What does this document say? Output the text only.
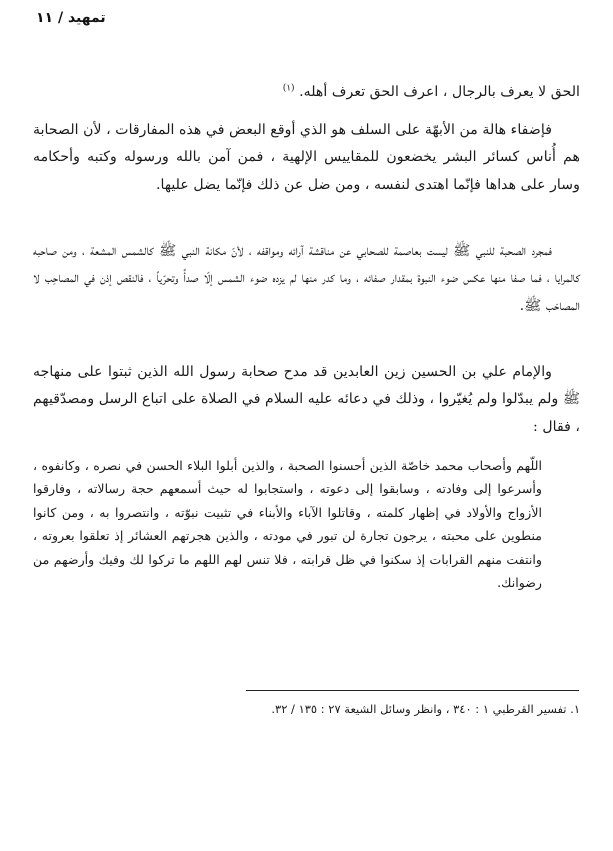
تمهيد / ١١

الحق لا يعرف بالرجال ، اعرف الحق تعرف أهله. $^{(١)}$

فإضفاء هالة من الأبهّة على السلف هو الذي أوقع البعض في هذه المفارقات ، لأن الصحابة هم أُناس كسائر البشر يخضعون للمقاييس الإلهية ، فمن آمن بالله ورسوله وكتبه وأحكامه وسار على هداها فإنّما اهتدى لنفسه ، ومن ضل عن ذلك فإنّما يضل عليها.

فمجرد الصحبة للنبي ﷺ ليست بعاصمة للصحابي عن مناقشة آرائه ومواقفه ، لأنّ مكانة النبي ﷺ كالشمس المشعة ، ومن صاحبه كالمرايا ، فما صفا منها عكس ضوء النبوة بمقدار صفائه ، وما كدر منها لم يزده ضوء الشمس إلّا صدأً وتحرّياً ، فالنقص إذن في المصاحِب لا المصاحَب ﷺ.

والإمام علي بن الحسين زين العابدين قد مدح صحابة رسول الله الذين ثبتوا على منهاجه ﷺ ولم يبدّلوا ولم يُغيّروا ، وذلك في دعائه عليه السلام في الصلاة على اتباع الرسل ومصدّقيهم ، فقال :

اللّهم وأصحاب محمد خاصّة الذين أحسنوا الصحبة ، والذين أبلوا البلاء الحسن في نصره ، وكانفوه ، وأسرعوا إلى وفادته ، وسابقوا إلى دعوته ، واستجابوا له حيث أسمعهم حجة رسالاته ، وفارقوا الأزواج والأولاد في إظهار كلمته ، وقاتلوا الآباء والأبناء في تثبيت نبوّته ، وانتصروا به ، ومن كانوا منطوين على محبته ، يرجون تجارة لن تبور في مودته ، والذين هجرتهم العشائر إذ تعلقوا بعروته ، وانتفت منهم القرابات إذ سكنوا في ظل قرابته ، فلا تنس لهم اللهم ما تركوا لك وفيك وأرضهم من رضوانك.

١. تفسير القرطبي ١ : ٣٤٠ ، وانظر وسائل الشيعة ٢٧ : ١٣٥ / ٣٢.
